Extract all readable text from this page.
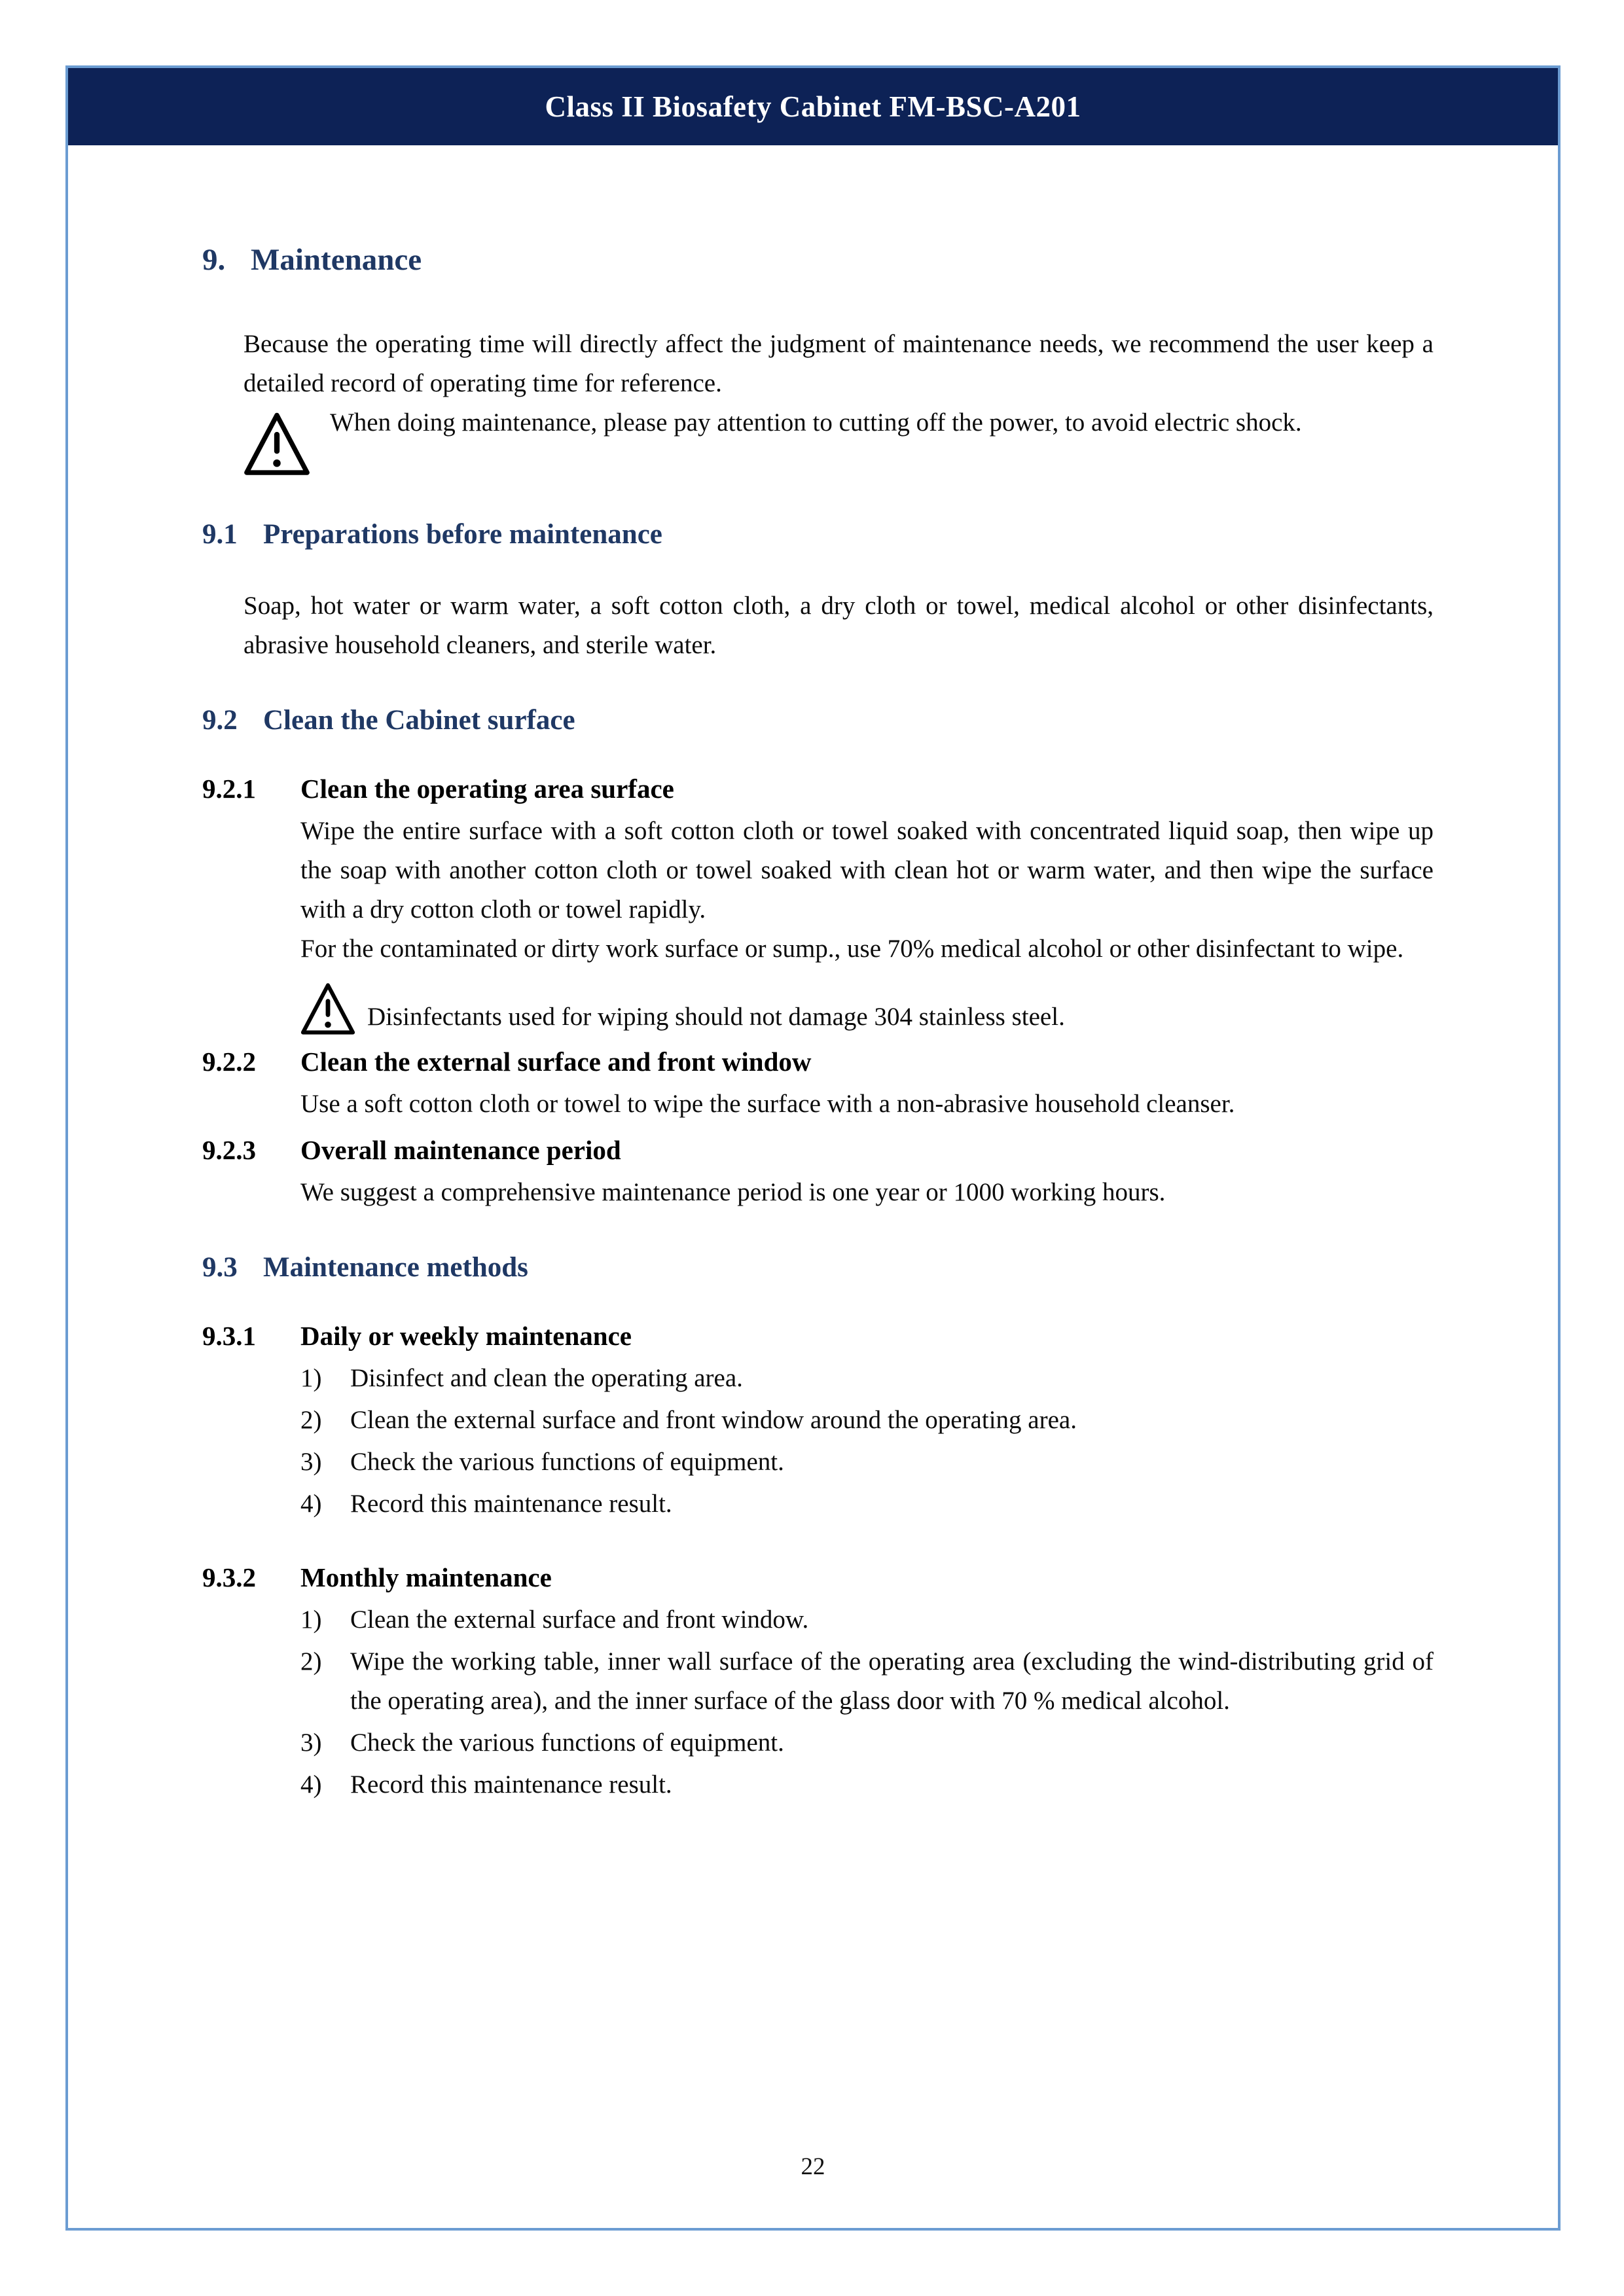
Class II Biosafety Cabinet FM-BSC-A201
9. Maintenance

Because the operating time will directly affect the judgment of maintenance needs, we recommend the user keep a detailed record of operating time for reference.

When doing maintenance, please pay attention to cutting off the power, to avoid electric shock.
9.1 Preparations before maintenance

Soap, hot water or warm water, a soft cotton cloth, a dry cloth or towel, medical alcohol or other disinfectants, abrasive household cleaners, and sterile water.

9.2 Clean the Cabinet surface
9.2.1	Clean the operating area surface

Wipe the entire surface with a soft cotton cloth or towel soaked with concentrated liquid soap, then wipe up the soap with another cotton cloth or towel soaked with clean hot or warm water, and then wipe the surface with a dry cotton cloth or towel rapidly.

For the contaminated or dirty work surface or sump., use 70% medical alcohol or other disinfectant to wipe.

Disinfectants used for wiping should not damage 304 stainless steel.
9.2.2	Clean the external surface and front window

Use a soft cotton cloth or towel to wipe the surface with a non-abrasive household cleanser.

9.2.3	Overall maintenance period

We suggest a comprehensive maintenance period is one year or 1000 working hours.

9.3 Maintenance methods
9.3.1	Daily or weekly maintenance
1)	Disinfect and clean the operating area.
2)	Clean the external surface and front window around the operating area.
3)	Check the various functions of equipment.
4)	Record this maintenance result.
9.3.2	Monthly maintenance
1)	Clean the external surface and front window.
2)	Wipe the working table, inner wall surface of the operating area (excluding the wind-distributing grid of the operating area), and the inner surface of the glass door with 70 % medical alcohol.
3)	Check the various functions of equipment.
4)	Record this maintenance result.
22
